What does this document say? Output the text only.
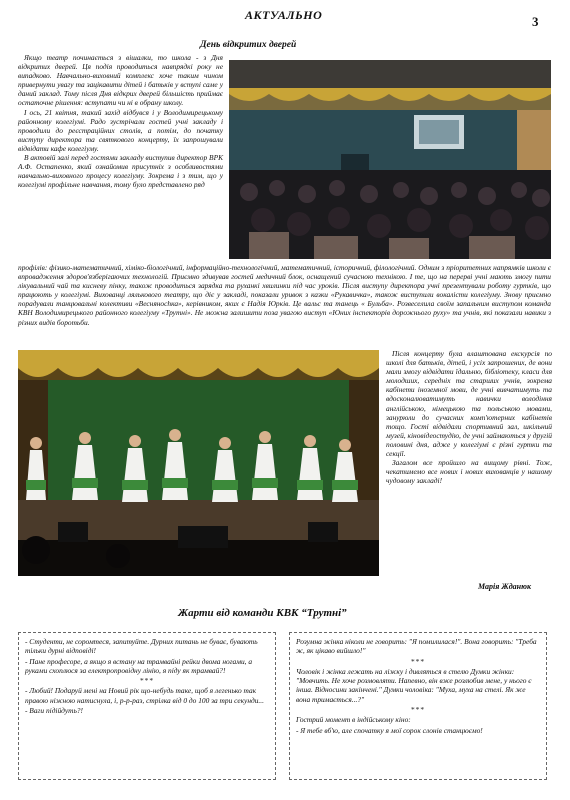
АКТУАЛЬНО	3
День відкритих дверей

Якщо театр починається з вішалки, то школа - з Дня відкритих дверей. Ця подія проводиться навпрядкі року не випадково. Навчально-виховний комплекс хоче таким чином привернути увагу та зацікавити дітей і батьків у вступі саме у даний заклад. Тому після Дня відкрих дверей більшість приймає остаточне рішення: вступати чи ні в обрану школу.

І ось, 21 квітня, такий захід відбувся і у Володимирецькому районному колегіумі. Радо зустрічали гостей учні закладу і проводили до реєстраційних столів, а потім, до початку виступу директора та святкового концерту, їх запрошували відвідати кафе колегіуму.

В актовій залі перед гостями закладу виступив директор ВРК А.Ф. Остапенко, який ознайомив присутніх з особливостями навчально-виховного процесу колегіуму. Зокрема і з тим, що у колегіумі профільне навчання, тому було представлено ряд

профілів: фізико-математичний, хіміко-біологічний, інформаційно-технологічний, математичний, історичний, філологічний. Одним з пріоритетних напрямків школи є впровадження здоров'язберігаючих технологій. Приємно здивував гостей медичний блок, оснащений сучасною технікою. І те, що на перерві учні мають змогу пити лікувальний чай та кисневу пінку, також проводиться зарядка та руханкі хвилинки під час уроків. Після виступу директора учні презентували роботу гуртків, що працюють у колегіумі. Вихованці лялькового театру, що діє у закладі, показали уривок з казки «Рукавичка», також виступили вокалісти колегіуму. Знову приємно порадували танцювальні колективи «Веснянochка», керівником, яких є Надія Юрків. Це вальс та танець « Бульба». Розвеселила своїм запальним виступом команда КВН Володимирецького районного колегіуму «Трутні». Не можна залишити поза увагою виступ «Юних інспекторів дорожнього руху» та учнів, які показали навики з різних видів боротьби.

Після концерту була влаштована екскурсія по школі для батьків, дітей, і усіх запрошених, де вони мали змогу відвідати їдальню, бібліотеку, класи для молодших, середніх та старших учнів, зокрема кабінети іноземної мови, де учні вивчатимуть та вдосконалюватимуть навички володіння англійською, німецькою та польською мовами, занурюли до сучасних комп'ютерних кабінетів тощо. Гості відвідали спортивний зал, шкільний музей, кіновідеостудію, де учні займаються у другій половині дня, адже у колегіумі є різні гуртки та секції.

Загалом все пройшло на вищому рівні. Тож, чекатимемо все нових і нових вихованців у нашому чудовому закладі!

Марія Жданюк
Жарти від команди КВК “Трутні”

- Студенти, не соромтеся, запитуйте. Дурних питань не буває, бувають тільки дурні відповіді!

- Пане професоре, а якщо я встану на трамвайні рейки двома ногами, а руками схоплюся за електропровідну лінію, я піду як трамвай?!

***

- Любий! Подаруй мені на Новий рік що-небудь таке, щоб я легенько так правою ніжною натиснула, і, р-р-раз, стрілка від 0 до 100 за три секунди...

- Ваги підійдуть?!

Розумна жінка ніколи не говорить: "Я помилилася!". Вона говорить: "Треба ж, як цікаво вийшло!"

***

Чоловік і жінка лежать на ліжку і дивляться в стелю Думки жінки: "Мовчить. Не хоче розмовляти. Напевно, він вже розлюбив мене, у нього є інша. Відносини закінчені." Думки чоловіка: "Муха, муха на стелі. Як же вона тримається...?"

***

Гострий момент в індійському кіно:

- Я тебе вб'ю, але спочатку я мої сорок слонів станцюємо!
